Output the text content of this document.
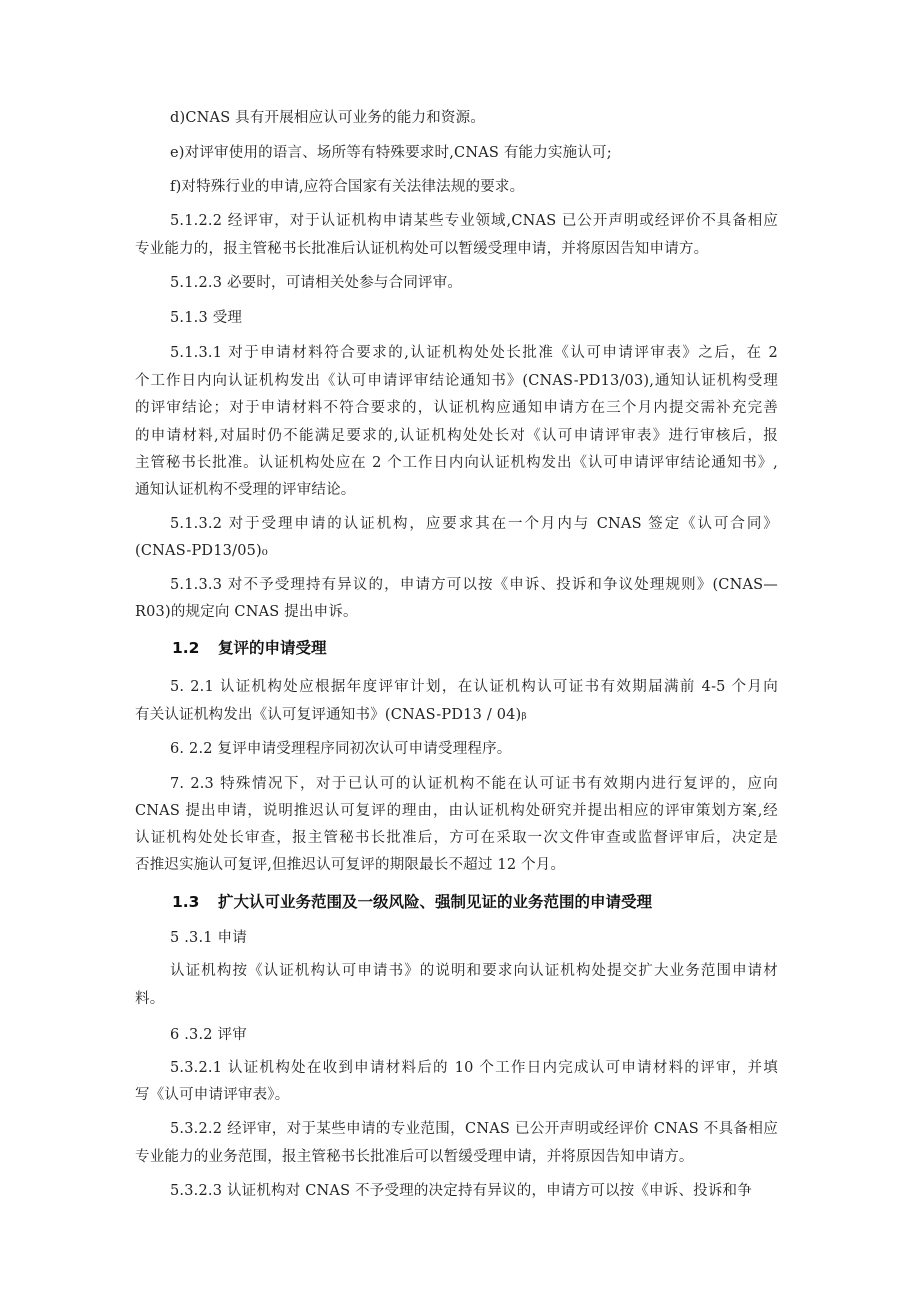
1.2 复评的申请受理
1.3 扩大认可业务范围及一级风险、强制见证的业务范围的申请受理
d)CNAS 具有开展相应认可业务的能力和资源。
e)对评审使用的语言、场所等有特殊要求时,CNAS 有能力实施认可;
f)对特殊行业的申请,应符合国家有关法律法规的要求。
5.1.2.2 经评审，对于认证机构申请某些专业领域,CNAS 已公开声明或经评价不具备相应
专业能力的，报主管秘书长批准后认证机构处可以暂缓受理申请，并将原因告知申请方。
5.1.2.3 必要时，可请相关处参与合同评审。
5.1.3 受理
5.1.3.1 对于申请材料符合要求的,认证机构处处长批准《认可申请评审表》之后，在 2
个工作日内向认证机构发出《认可申请评审结论通知书》(CNAS-PD13/03),通知认证机构受理
的评审结论；对于申请材料不符合要求的，认证机构应通知申请方在三个月内提交需补充完善
的申请材料,对届时仍不能满足要求的,认证机构处处长对《认可申请评审表》进行审核后，报
主管秘书长批准。认证机构处应在 2 个工作日内向认证机构发出《认可申请评审结论通知书》,
通知认证机构不受理的评审结论。
5.1.3.2 对于受理申请的认证机构，应要求其在一个月内与 CNAS 签定《认可合同》
(CNAS-PD13/05)₀
5.1.3.3 对不予受理持有异议的，申请方可以按《申诉、投诉和争议处理规则》(CNAS—
R03)的规定向 CNAS 提出申诉。
5. 2.1 认证机构处应根据年度评审计划，在认证机构认可证书有效期届满前 4-5 个月向
有关认证机构发出《认可复评通知书》(CNAS-PD13 / 04)ᵦ
6. 2.2 复评申请受理程序同初次认可申请受理程序。
7. 2.3 特殊情况下，对于已认可的认证机构不能在认可证书有效期内进行复评的，应向
CNAS 提出申请，说明推迟认可复评的理由，由认证机构处研究并提出相应的评审策划方案,经
认证机构处处长审查，报主管秘书长批准后，方可在采取一次文件审查或监督评审后，决定是
否推迟实施认可复评,但推迟认可复评的期限最长不超过 12 个月。
5 .3.1 申请
认证机构按《认证机构认可申请书》的说明和要求向认证机构处提交扩大业务范围申请材
料。
6 .3.2 评审
5.3.2.1 认证机构处在收到申请材料后的 10 个工作日内完成认可申请材料的评审，并填
写《认可申请评审表》。
5.3.2.2 经评审，对于某些申请的专业范围，CNAS 已公开声明或经评价 CNAS 不具备相应
专业能力的业务范围，报主管秘书长批准后可以暂缓受理申请，并将原因告知申请方。
5.3.2.3 认证机构对 CNAS 不予受理的决定持有异议的，申请方可以按《申诉、投诉和争
